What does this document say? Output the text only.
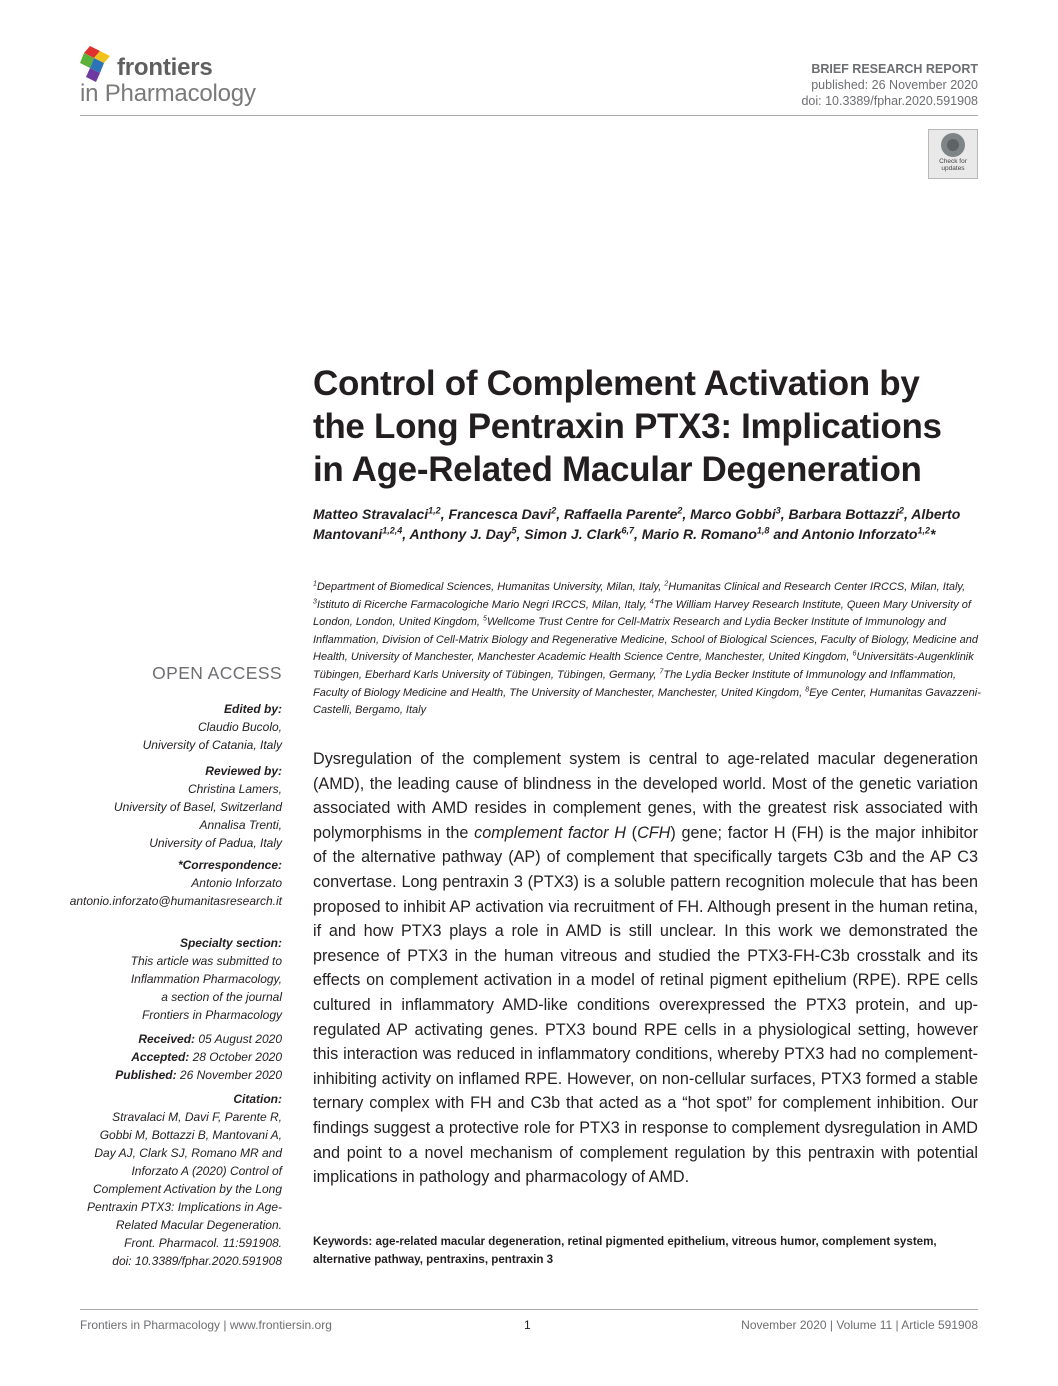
frontiers
in Pharmacology
BRIEF RESEARCH REPORT
published: 26 November 2020
doi: 10.3389/fphar.2020.591908
Check for
updates
Control of Complement Activation by
the Long Pentraxin PTX3: Implications
in Age-Related Macular Degeneration
Matteo Stravalaci$^{1,2}$, Francesca Davi$^2$, Raffaella Parente$^2$, Marco Gobbi$^3$, Barbara Bottazzi$^2$, Alberto Mantovani$^{1,2,4}$, Anthony J. Day$^5$, Simon J. Clark$^{6,7}$, Mario R. Romano$^{1,8}$ and Antonio Inforzato$^{1,2}$*
$^1$Department of Biomedical Sciences, Humanitas University, Milan, Italy, $^2$Humanitas Clinical and Research Center IRCCS, Milan, Italy, $^3$Istituto di Ricerche Farmacologiche Mario Negri IRCCS, Milan, Italy, $^4$The William Harvey Research Institute, Queen Mary University of London, London, United Kingdom, $^5$Wellcome Trust Centre for Cell-Matrix Research and Lydia Becker Institute of Immunology and Inflammation, Division of Cell-Matrix Biology and Regenerative Medicine, School of Biological Sciences, Faculty of Biology, Medicine and Health, University of Manchester, Manchester Academic Health Science Centre, Manchester, United Kingdom, $^6$Universitäts-Augenklinik Tübingen, Eberhard Karls University of Tübingen, Tübingen, Germany, $^7$The Lydia Becker Institute of Immunology and Inflammation, Faculty of Biology Medicine and Health, The University of Manchester, Manchester, United Kingdom, $^8$Eye Center, Humanitas Gavazzeni-Castelli, Bergamo, Italy
OPEN ACCESS
Edited by:
Claudio Bucolo,
University of Catania, Italy
Reviewed by:
Christina Lamers,
University of Basel, Switzerland
Annalisa Trenti,
University of Padua, Italy
*Correspondence:
Antonio Inforzato
antonio.inforzato@humanitasresearch.it
Specialty section:
This article was submitted to
Inflammation Pharmacology,
a section of the journal
Frontiers in Pharmacology
Received: 05 August 2020
Accepted: 28 October 2020
Published: 26 November 2020
Citation:
Stravalaci M, Davi F, Parente R,
Gobbi M, Bottazzi B, Mantovani A,
Day AJ, Clark SJ, Romano MR and
Inforzato A (2020) Control of
Complement Activation by the Long
Pentraxin PTX3: Implications in Age-
Related Macular Degeneration.
Front. Pharmacol. 11:591908.
doi: 10.3389/fphar.2020.591908
Dysregulation of the complement system is central to age-related macular degeneration (AMD), the leading cause of blindness in the developed world. Most of the genetic variation associated with AMD resides in complement genes, with the greatest risk associated with polymorphisms in the complement factor H (CFH) gene; factor H (FH) is the major inhibitor of the alternative pathway (AP) of complement that specifically targets C3b and the AP C3 convertase. Long pentraxin 3 (PTX3) is a soluble pattern recognition molecule that has been proposed to inhibit AP activation via recruitment of FH. Although present in the human retina, if and how PTX3 plays a role in AMD is still unclear. In this work we demonstrated the presence of PTX3 in the human vitreous and studied the PTX3-FH-C3b crosstalk and its effects on complement activation in a model of retinal pigment epithelium (RPE). RPE cells cultured in inflammatory AMD-like conditions overexpressed the PTX3 protein, and up-regulated AP activating genes. PTX3 bound RPE cells in a physiological setting, however this interaction was reduced in inflammatory conditions, whereby PTX3 had no complement-inhibiting activity on inflamed RPE. However, on non-cellular surfaces, PTX3 formed a stable ternary complex with FH and C3b that acted as a “hot spot” for complement inhibition. Our findings suggest a protective role for PTX3 in response to complement dysregulation in AMD and point to a novel mechanism of complement regulation by this pentraxin with potential implications in pathology and pharmacology of AMD.
Keywords: age-related macular degeneration, retinal pigmented epithelium, vitreous humor, complement system, alternative pathway, pentraxins, pentraxin 3
Frontiers in Pharmacology | www.frontiersin.org	1	November 2020 | Volume 11 | Article 591908
